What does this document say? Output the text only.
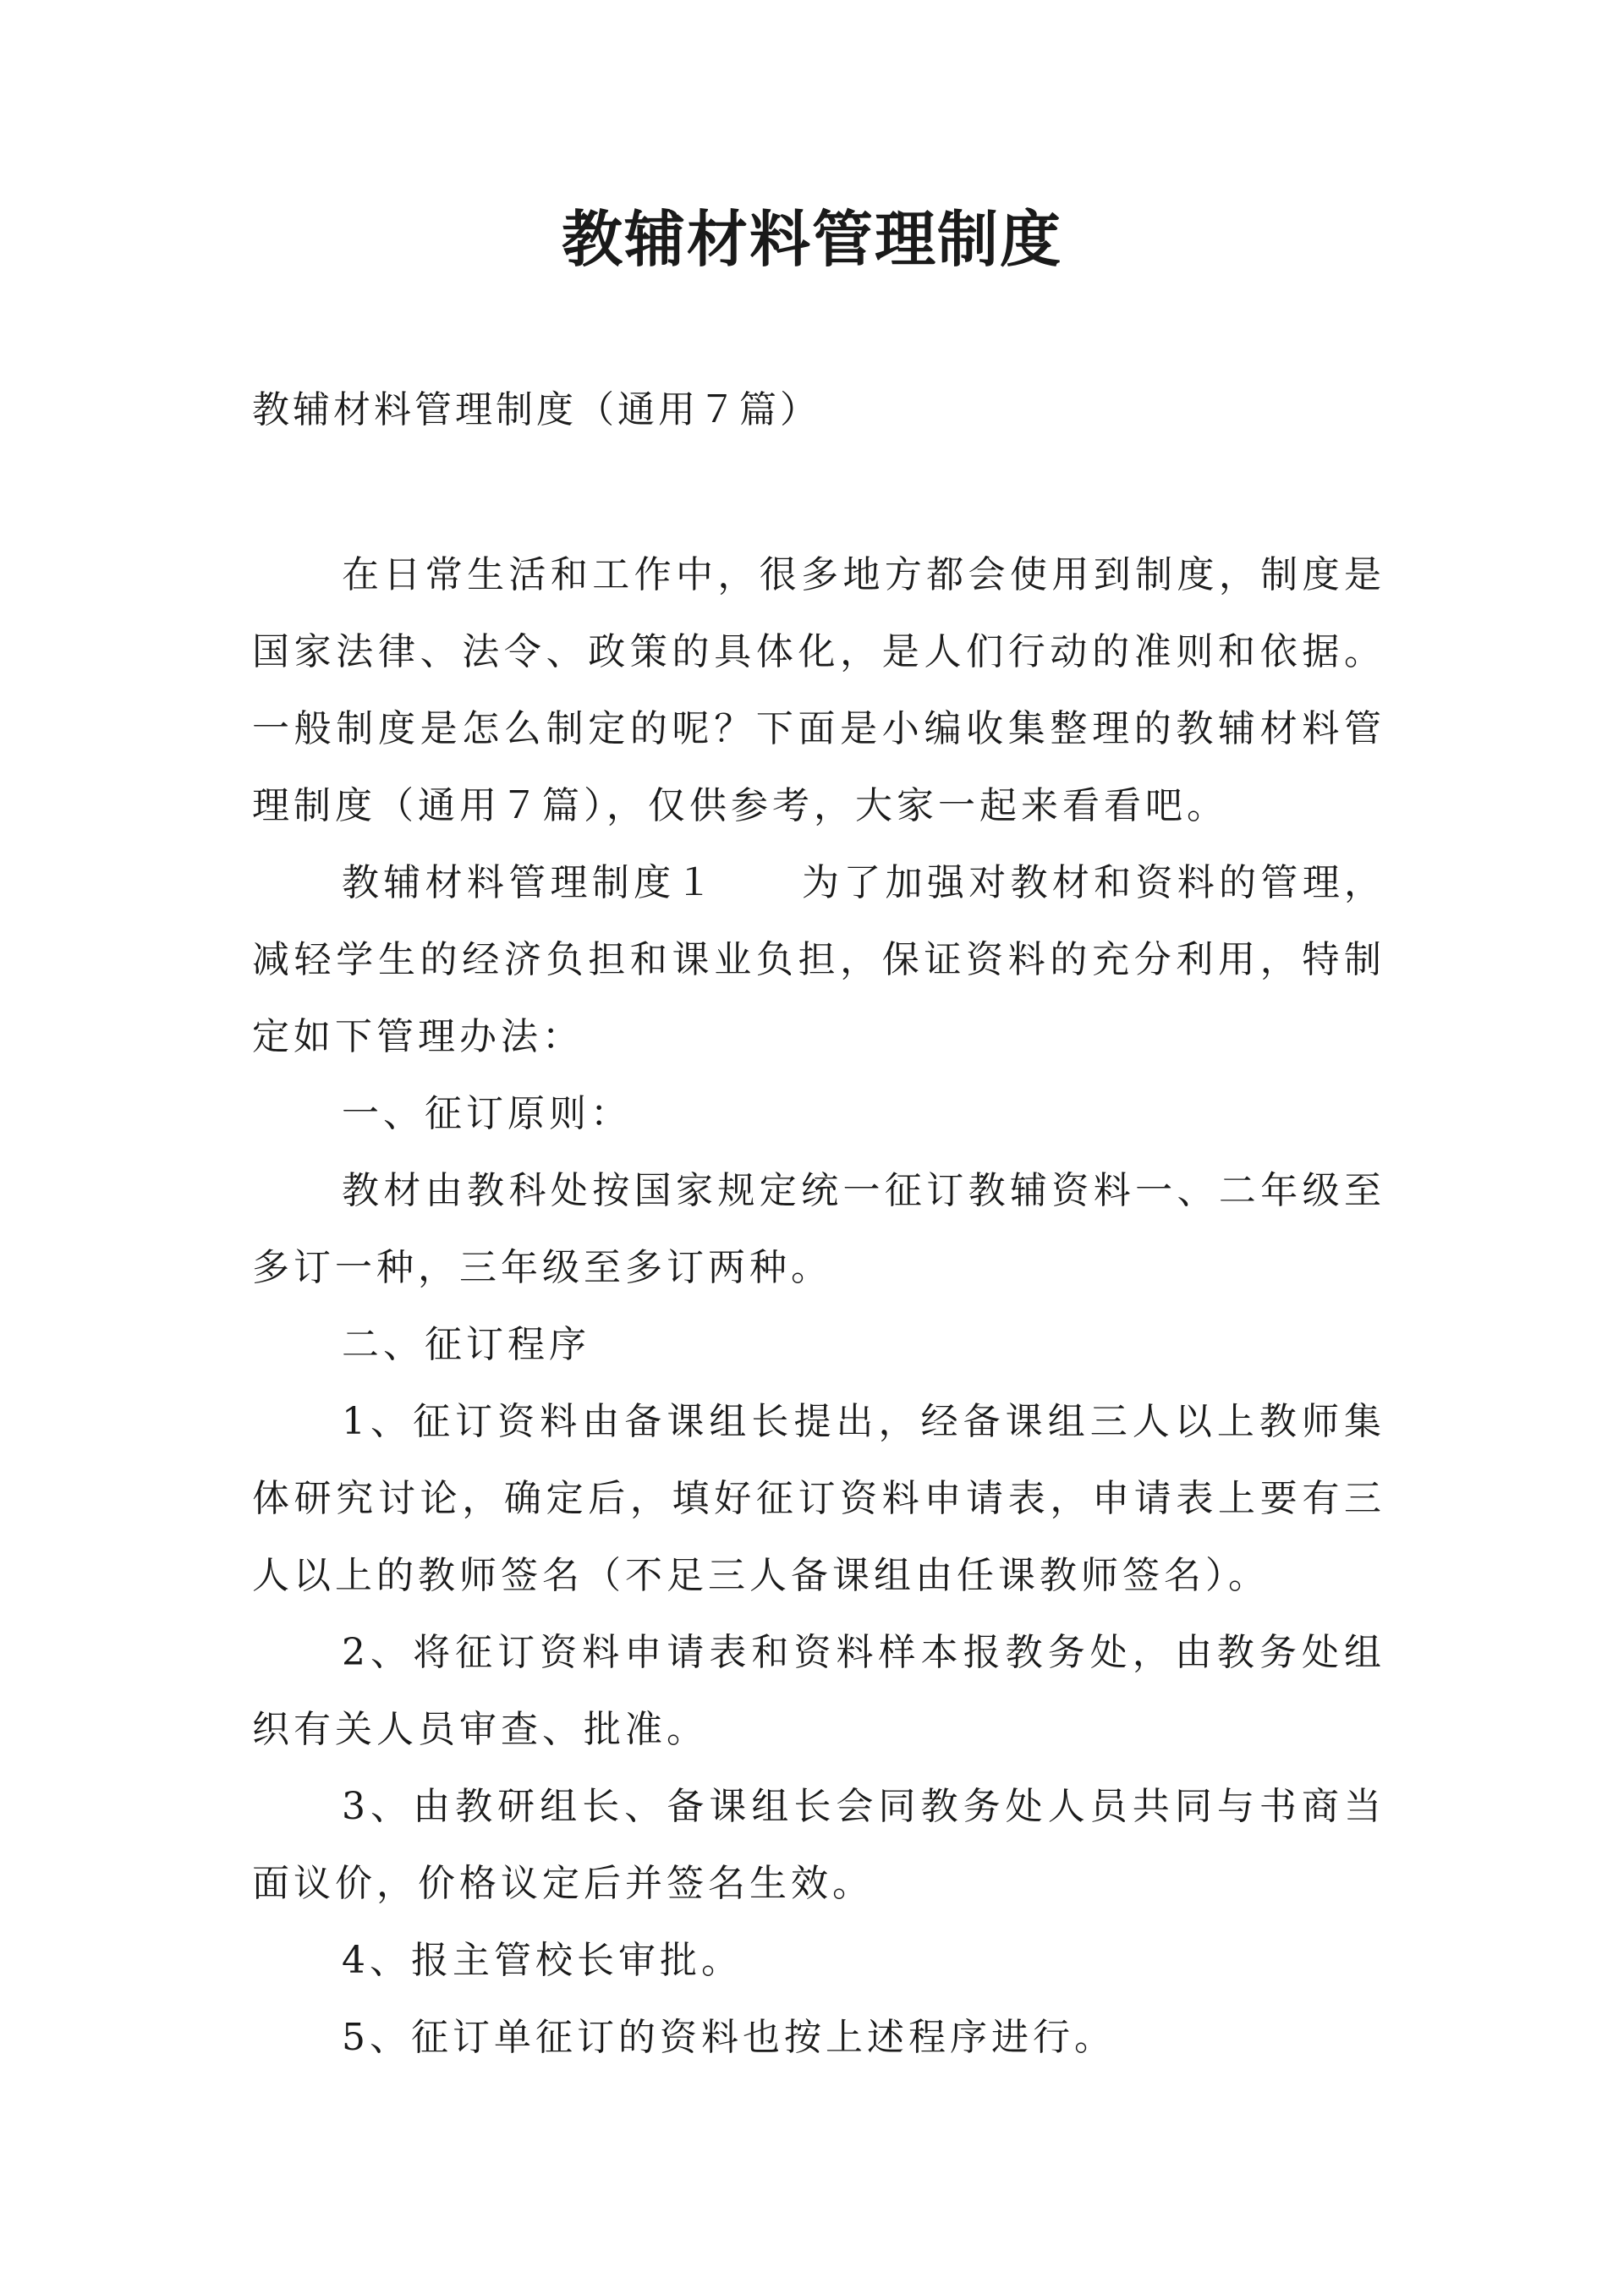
教辅材料管理制度

教辅材料管理制度（通用７篇）

在日常生活和工作中，很多地方都会使用到制度，制度是国家法律、法令、政策的具体化，是人们行动的准则和依据。一般制度是怎么制定的呢？下面是小编收集整理的教辅材料管理制度（通用７篇），仅供参考，大家一起来看看吧。

教辅材料管理制度１ 为了加强对教材和资料的管理，减轻学生的经济负担和课业负担，保证资料的充分利用，特制定如下管理办法：

一、征订原则：

教材由教科处按国家规定统一征订教辅资料一、二年级至多订一种，三年级至多订两种。

二、征订程序

1、征订资料由备课组长提出，经备课组三人以上教师集体研究讨论，确定后，填好征订资料申请表，申请表上要有三人以上的教师签名（不足三人备课组由任课教师签名）。

2、将征订资料申请表和资料样本报教务处，由教务处组织有关人员审查、批准。

3、由教研组长、备课组长会同教务处人员共同与书商当面议价，价格议定后并签名生效。

4、报主管校长审批。

5、征订单征订的资料也按上述程序进行。
